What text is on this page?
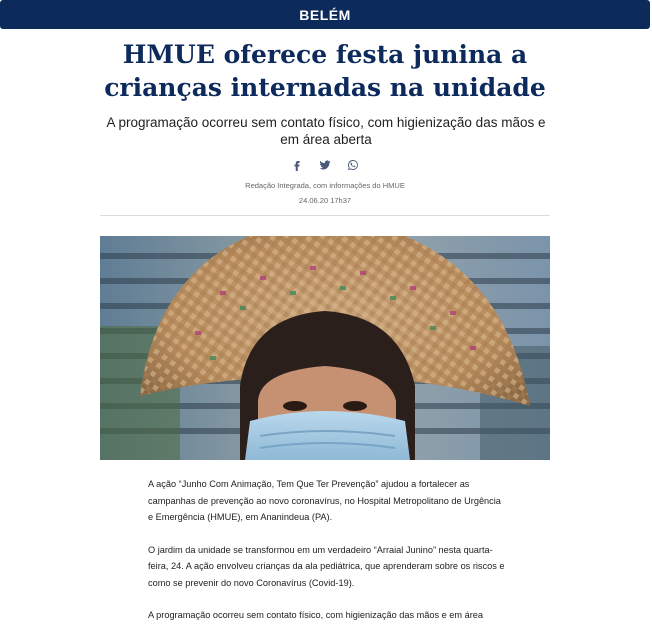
BELÉM
HMUE oferece festa junina a crianças internadas na unidade

A programação ocorreu sem contato físico, com higienização das mãos e em área aberta

Redação Integrada, com informações do HMUE
24.06.20 17h37

A ação “Junho Com Animação, Tem Que Ter Prevenção” ajudou a fortalecer as campanhas de prevenção ao novo coronavírus, no Hospital Metropolitano de Urgência e Emergência (HMUE), em Ananindeua (PA).

O jardim da unidade se transformou em um verdadeiro “Arraial Junino” nesta quarta-feira, 24. A ação envolveu crianças da ala pediátrica, que aprenderam sobre os riscos e como se prevenir do novo Coronavírus (Covid-19).

A programação ocorreu sem contato físico, com higienização das mãos e em área
